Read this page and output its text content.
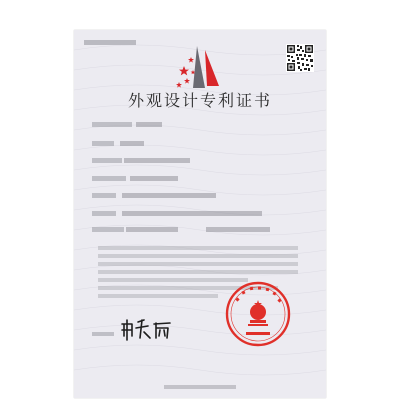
外观设计专利证书
